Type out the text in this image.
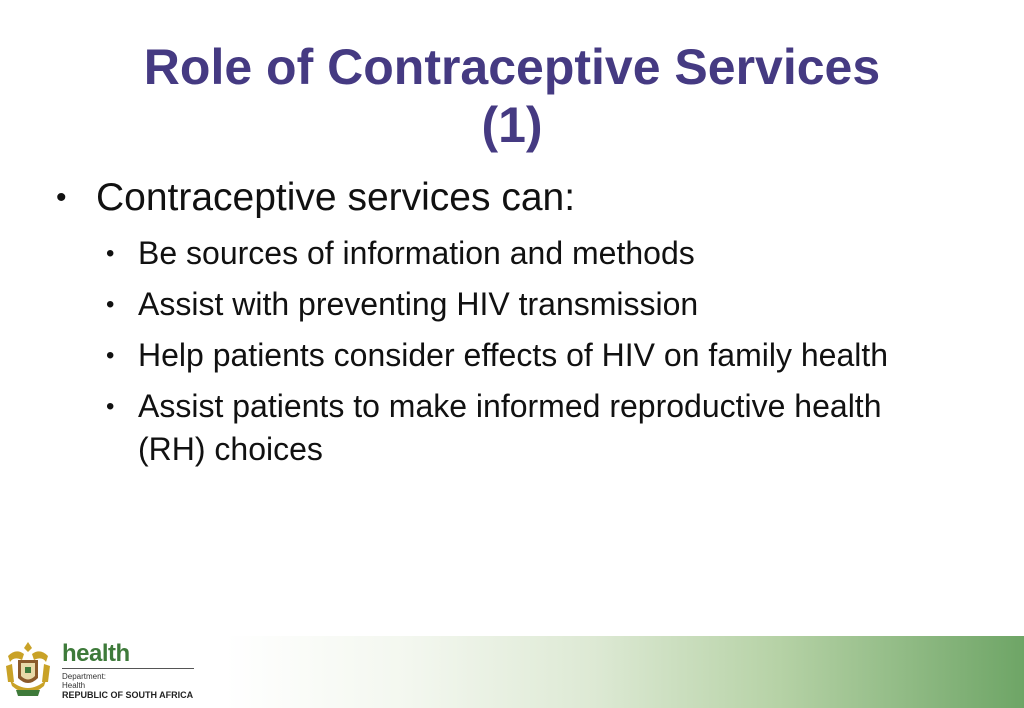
Role of Contraceptive Services
(1)
• Contraceptive services can:
• Be sources of information and methods
• Assist with preventing HIV transmission
• Help patients consider effects of HIV on family health
• Assist patients to make informed reproductive health (RH) choices
health
Department:
Health
REPUBLIC OF SOUTH AFRICA
